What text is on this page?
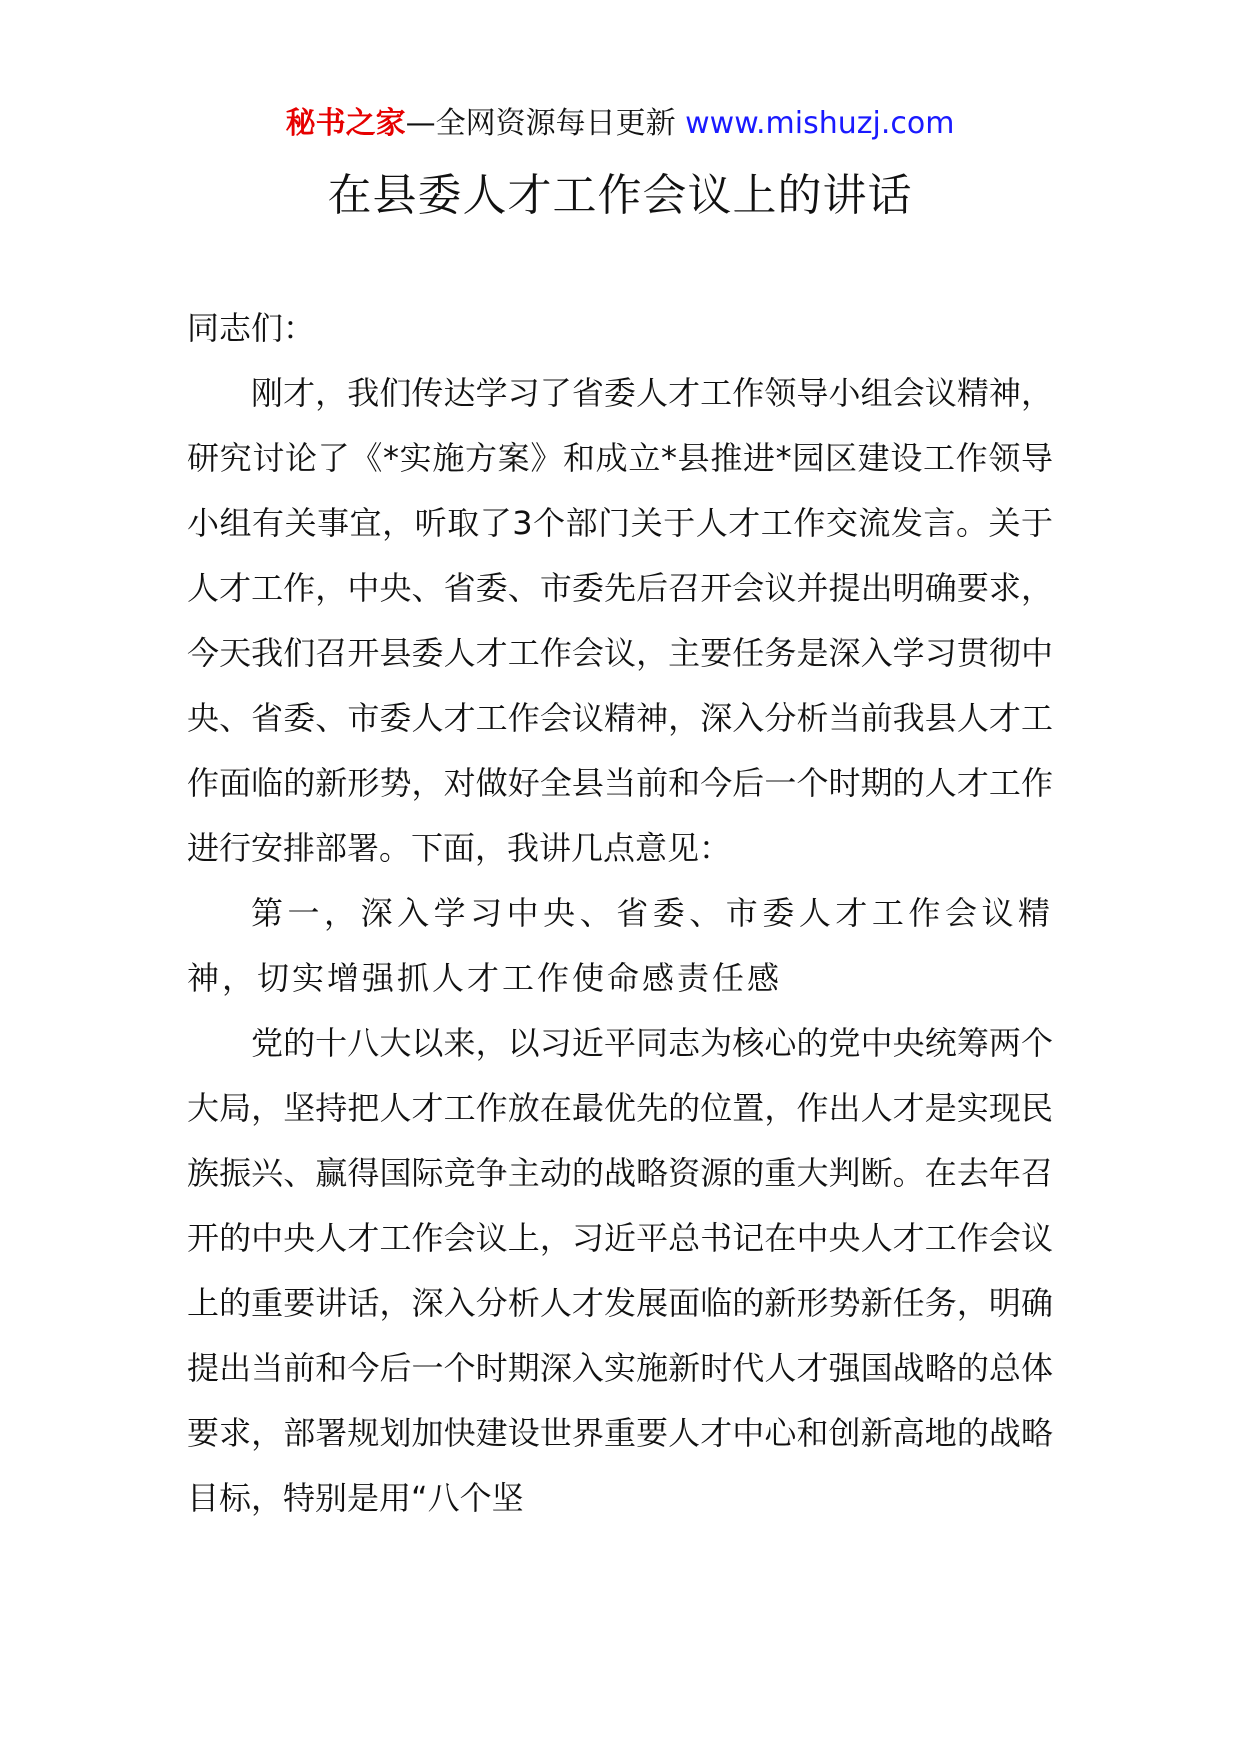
秘书之家—全网资源每日更新 www.mishuzj.com
在县委人才工作会议上的讲话

同志们：

刚才，我们传达学习了省委人才工作领导小组会议精神，研究讨论了《*实施方案》和成立*县推进*园区建设工作领导小组有关事宜，听取了3个部门关于人才工作交流发言。关于人才工作，中央、省委、市委先后召开会议并提出明确要求，今天我们召开县委人才工作会议，主要任务是深入学习贯彻中央、省委、市委人才工作会议精神，深入分析当前我县人才工作面临的新形势，对做好全县当前和今后一个时期的人才工作进行安排部署。下面，我讲几点意见：

第一，深入学习中央、省委、市委人才工作会议精神，切实增强抓人才工作使命感责任感

党的十八大以来，以习近平同志为核心的党中央统筹两个大局，坚持把人才工作放在最优先的位置，作出人才是实现民族振兴、赢得国际竞争主动的战略资源的重大判断。在去年召开的中央人才工作会议上，习近平总书记在中央人才工作会议上的重要讲话，深入分析人才发展面临的新形势新任务，明确提出当前和今后一个时期深入实施新时代人才强国战略的总体要求，部署规划加快建设世界重要人才中心和创新高地的战略目标，特别是用“八个坚
